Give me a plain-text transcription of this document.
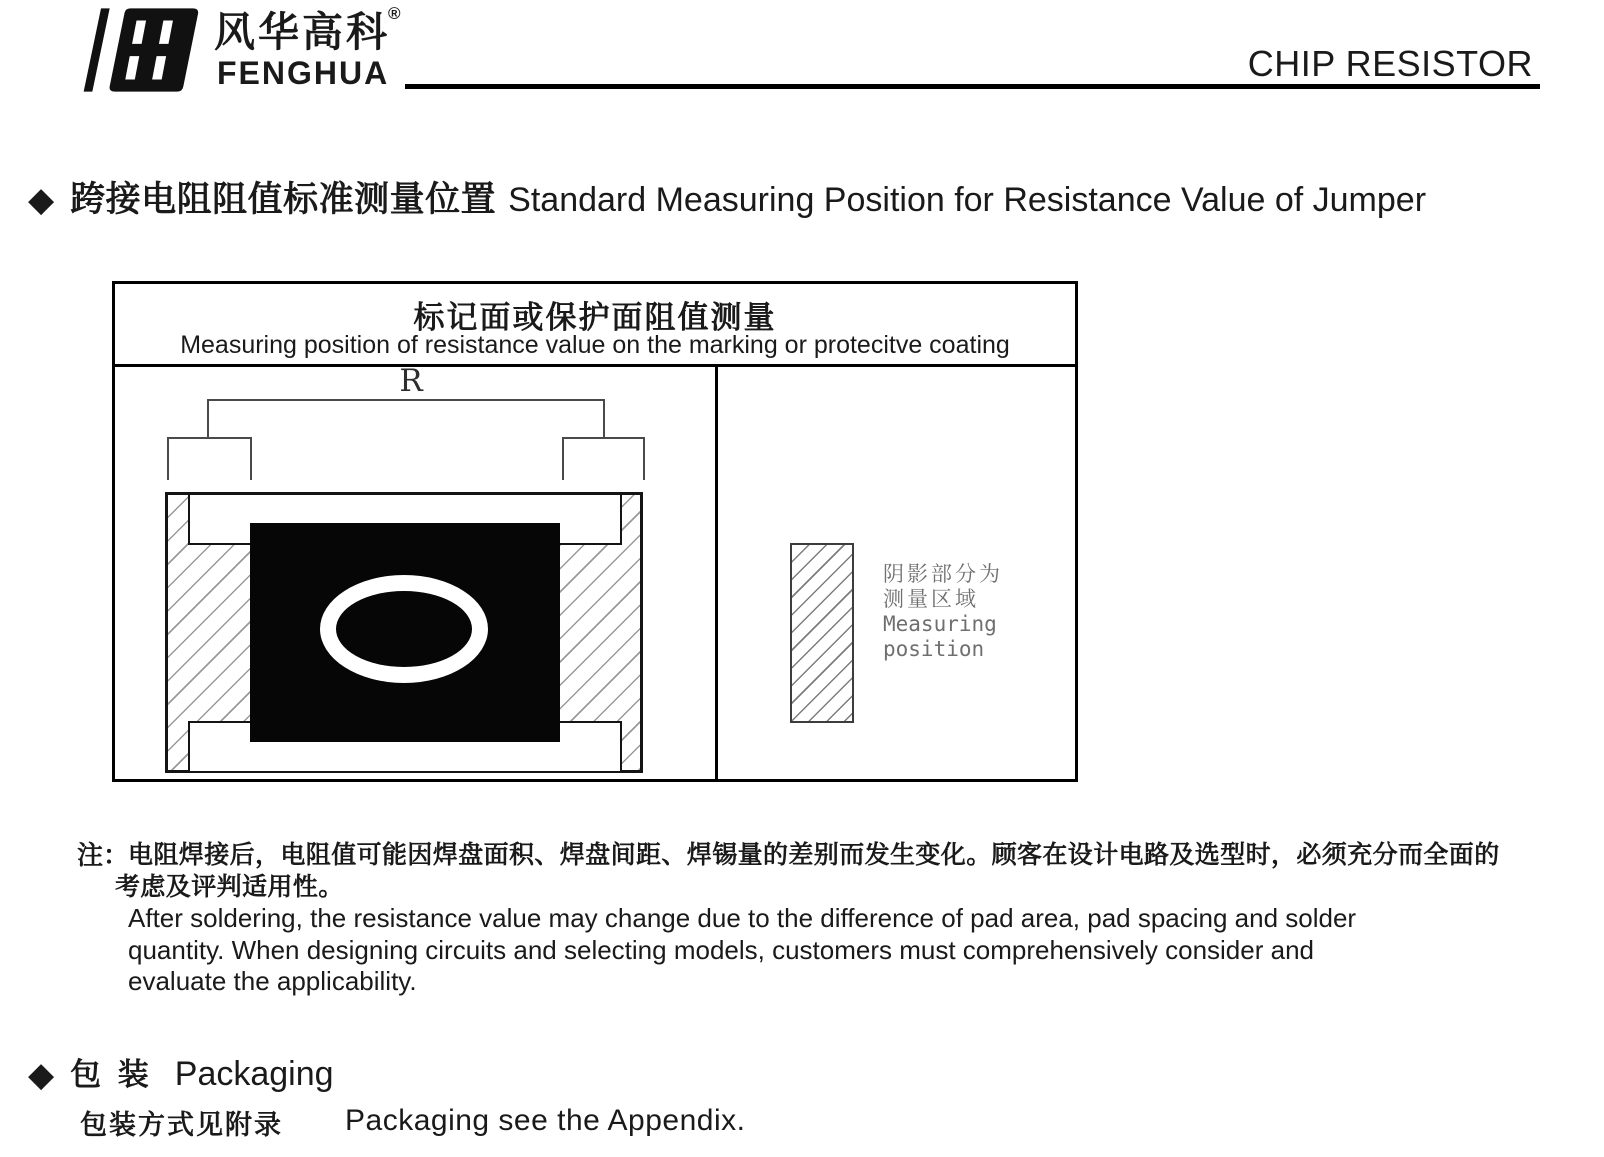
®
风华高科
FENGHUA	CHIP RESISTOR
◆ 跨接电阻阻值标准测量位置 Standard Measuring Position for Resistance Value of Jumper
标记面或保护面阻值测量
Measuring position of resistance value on the marking or protecitve coating
R
阴影部分为
测量区域
Measuring
position
注：
电阻焊接后，电阻值可能因焊盘面积、焊盘间距、焊锡量的差别而发生变化。顾客在设计电路及选型时，必须充分而全面的
考虑及评判适用性。
After soldering, the resistance value may change due to the difference of pad area, pad spacing and solder
quantity. When designing circuits and selecting models, customers must comprehensively consider and
evaluate the applicability.
◆ 包 装 Packaging
包装方式见附录 Packaging see the Appendix.
